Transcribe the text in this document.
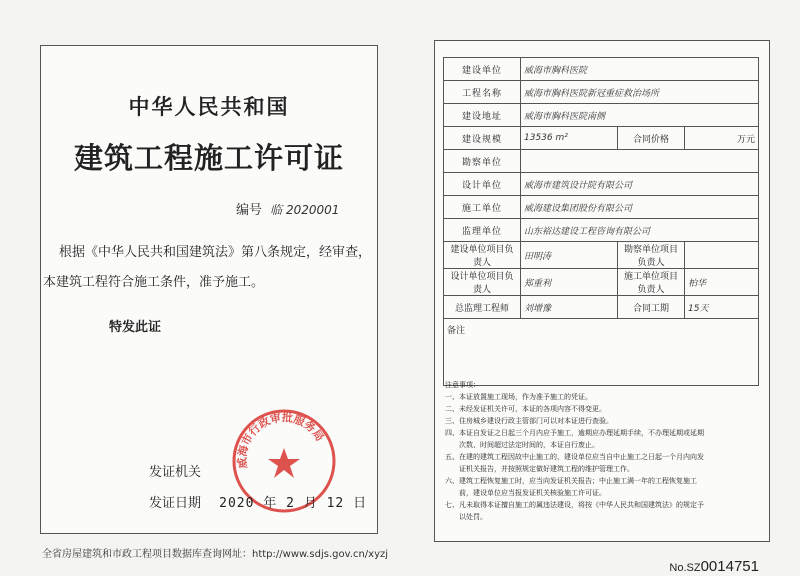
中华人民共和国
建筑工程施工许可证
编号 临 2020001
根据《中华人民共和国建筑法》第八条规定，经审查，
本建筑工程符合施工条件，准予施工。
特发此证
威海市行政审批服务局
发证机关
发证日期 2020 年 2 月 12 日
建设单位	威海市胸科医院		
工程名称	威海市胸科医院新冠重症救治场所		
建设地址	威海市胸科医院南侧		
建设规模	13536 m²	合同价格	万元
勘察单位			
设计单位	威海市建筑设计院有限公司		
施工单位	威海建设集团股份有限公司		
监理单位	山东裕达建设工程咨询有限公司		
建设单位项目负责人	田明涛	勘察单位项目负责人	
设计单位项目负责人	郑重利	施工单位项目负责人	柏华
总监理工程师	刘增豫	合同工期	15天
备注			
注意事项：
一、本证放置施工现场，作为准予施工的凭证。
二、未经发证机关许可，本证的各项内容不得变更。
三、住房城乡建设行政主管部门可以对本证进行查验。
四、本证自发证之日起三个月内应予施工，逾期应办理延期手续，不办理延期或延期
　　次数、时间超过法定时间的，本证自行废止。
五、在建的建筑工程因故中止施工的，建设单位应当自中止施工之日起一个月内向发
　　证机关报告，并按照规定做好建筑工程的维护管理工作。
六、建筑工程恢复施工时，应当向发证机关报告；中止施工满一年的工程恢复施工
　　前，建设单位应当报发证机关核验施工许可证。
七、凡未取得本证擅自施工的属违法建设，将按《中华人民共和国建筑法》的规定予
　　以处罚。
No.SZ0014751
全省房屋建筑和市政工程项目数据库查询网址：http://www.sdjs.gov.cn/xyzj
